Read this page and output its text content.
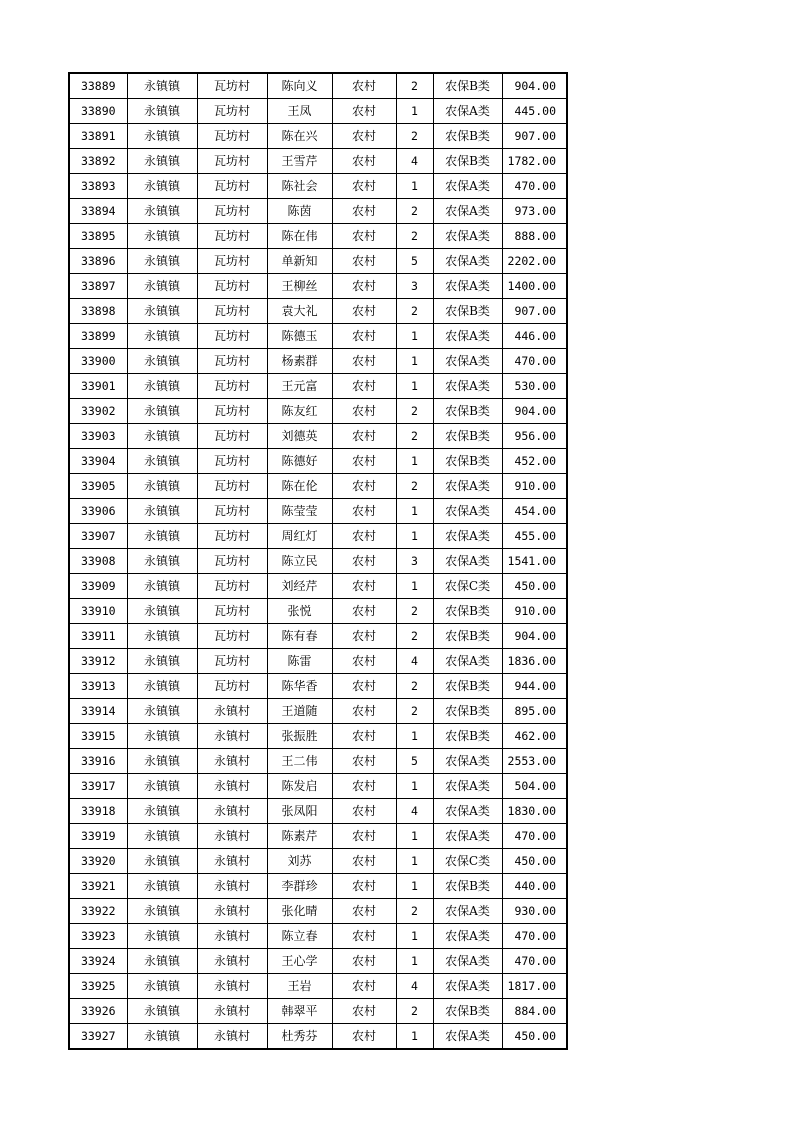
33889	永镇镇	瓦坊村	陈向义	农村	2	农保B类	904.00
33890	永镇镇	瓦坊村	王凤	农村	1	农保A类	445.00
33891	永镇镇	瓦坊村	陈在兴	农村	2	农保B类	907.00
33892	永镇镇	瓦坊村	王雪芹	农村	4	农保B类	1782.00
33893	永镇镇	瓦坊村	陈社会	农村	1	农保A类	470.00
33894	永镇镇	瓦坊村	陈茵	农村	2	农保A类	973.00
33895	永镇镇	瓦坊村	陈在伟	农村	2	农保A类	888.00
33896	永镇镇	瓦坊村	单新知	农村	5	农保A类	2202.00
33897	永镇镇	瓦坊村	王柳丝	农村	3	农保A类	1400.00
33898	永镇镇	瓦坊村	袁大礼	农村	2	农保B类	907.00
33899	永镇镇	瓦坊村	陈德玉	农村	1	农保A类	446.00
33900	永镇镇	瓦坊村	杨素群	农村	1	农保A类	470.00
33901	永镇镇	瓦坊村	王元富	农村	1	农保A类	530.00
33902	永镇镇	瓦坊村	陈友红	农村	2	农保B类	904.00
33903	永镇镇	瓦坊村	刘德英	农村	2	农保B类	956.00
33904	永镇镇	瓦坊村	陈德好	农村	1	农保B类	452.00
33905	永镇镇	瓦坊村	陈在伦	农村	2	农保A类	910.00
33906	永镇镇	瓦坊村	陈莹莹	农村	1	农保A类	454.00
33907	永镇镇	瓦坊村	周红灯	农村	1	农保A类	455.00
33908	永镇镇	瓦坊村	陈立民	农村	3	农保A类	1541.00
33909	永镇镇	瓦坊村	刘经芹	农村	1	农保C类	450.00
33910	永镇镇	瓦坊村	张悦	农村	2	农保B类	910.00
33911	永镇镇	瓦坊村	陈有春	农村	2	农保B类	904.00
33912	永镇镇	瓦坊村	陈雷	农村	4	农保A类	1836.00
33913	永镇镇	瓦坊村	陈华香	农村	2	农保B类	944.00
33914	永镇镇	永镇村	王道随	农村	2	农保B类	895.00
33915	永镇镇	永镇村	张振胜	农村	1	农保B类	462.00
33916	永镇镇	永镇村	王二伟	农村	5	农保A类	2553.00
33917	永镇镇	永镇村	陈发启	农村	1	农保A类	504.00
33918	永镇镇	永镇村	张凤阳	农村	4	农保A类	1830.00
33919	永镇镇	永镇村	陈素芹	农村	1	农保A类	470.00
33920	永镇镇	永镇村	刘苏	农村	1	农保C类	450.00
33921	永镇镇	永镇村	李群珍	农村	1	农保B类	440.00
33922	永镇镇	永镇村	张化晴	农村	2	农保A类	930.00
33923	永镇镇	永镇村	陈立春	农村	1	农保A类	470.00
33924	永镇镇	永镇村	王心学	农村	1	农保A类	470.00
33925	永镇镇	永镇村	王岩	农村	4	农保A类	1817.00
33926	永镇镇	永镇村	韩翠平	农村	2	农保B类	884.00
33927	永镇镇	永镇村	杜秀芬	农村	1	农保A类	450.00
